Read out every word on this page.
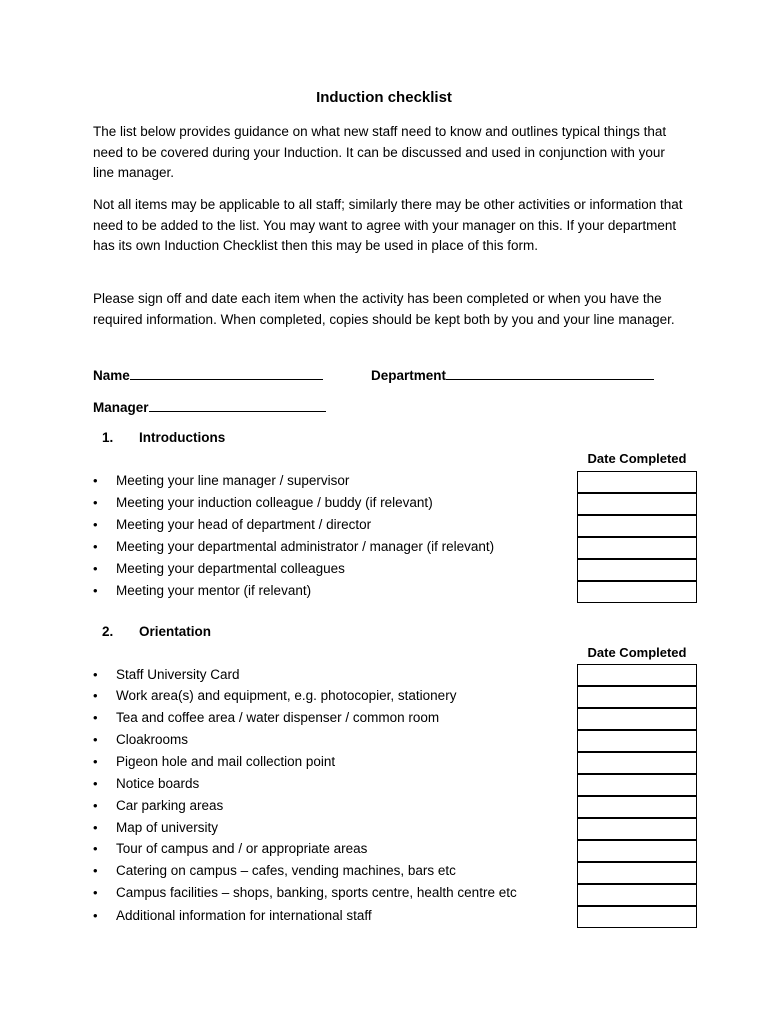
Induction checklist

The list below provides guidance on what new staff need to know and outlines typical things that need to be covered during your Induction. It can be discussed and used in conjunction with your line manager.

Not all items may be applicable to all staff; similarly there may be other activities or information that need to be added to the list. You may want to agree with your manager on this. If your department has its own Induction Checklist then this may be used in place of this form.

Please sign off and date each item when the activity has been completed or when you have the required information. When completed, copies should be kept both by you and your line manager.

Name	Department
Manager
1. Introductions
Date Completed
• Meeting your line manager / supervisor
• Meeting your induction colleague / buddy (if relevant)
• Meeting your head of department / director
• Meeting your departmental administrator / manager (if relevant)
• Meeting your departmental colleagues
• Meeting your mentor (if relevant)
2. Orientation
Date Completed
• Staff University Card
• Work area(s) and equipment, e.g. photocopier, stationery
• Tea and coffee area / water dispenser / common room
• Cloakrooms
• Pigeon hole and mail collection point
• Notice boards
• Car parking areas
• Map of university
• Tour of campus and / or appropriate areas
• Catering on campus – cafes, vending machines, bars etc
• Campus facilities – shops, banking, sports centre, health centre etc
• Additional information for international staff
